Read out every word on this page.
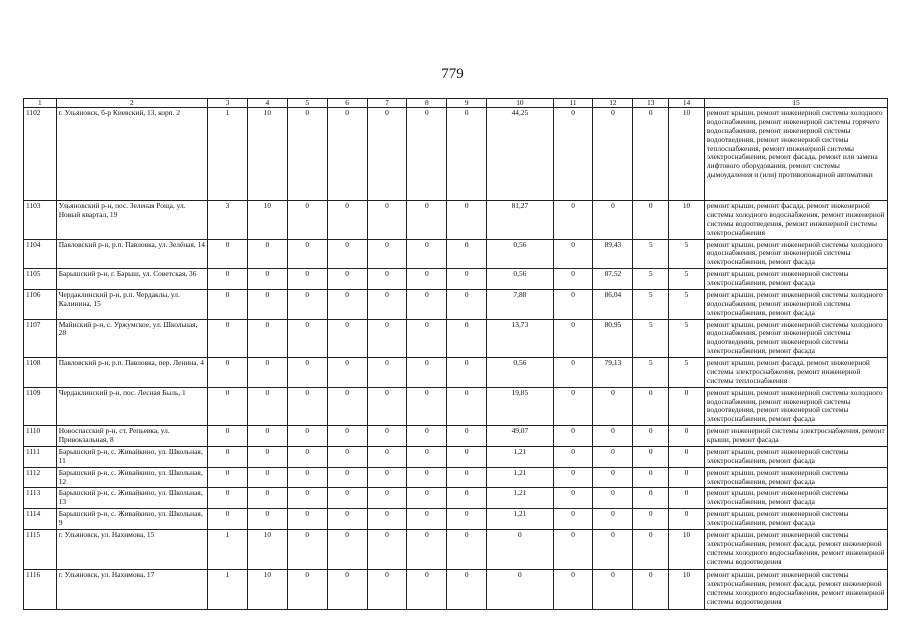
779
1	2	3	4	5	6	7	8	9	10	11	12	13	14	15
1102	г. Ульяновск, б-р Киевский, 13, корп. 2	1	10	0	0	0	0	0	44,25	0	0	0	10	ремонт крыши, ремонт инженерной системы холодного водоснабжения, ремонт инженерной системы горячего водоснабжения, ремонт инженерной системы водоотведения, ремонт инженерной системы теплоснабжения, ремонт инженерной системы электроснабжения, ремонт фасада, ремонт или замена лифтового оборудования, ремонт системы дымоудаления и (или) противопожарной автоматики
1103	Ульяновский р-н, пос. Зеленая Роща, ул. Новый квартал, 19	3	10	0	0	0	0	0	81,27	0	0	0	10	ремонт крыши, ремонт фасада, ремонт инженерной системы холодного водоснабжения, ремонт инженерной системы водоотведения, ремонт инженерной системы электроснабжения
1104	Павловский р-н, р.п. Павловка, ул. Зелёная, 14	0	0	0	0	0	0	0	0,56	0	89,43	5	5	ремонт крыши, ремонт инженерной системы холодного водоснабжения, ремонт инженерной системы электроснабжения, ремонт фасада
1105	Барышский р-н, г. Барыш, ул. Советская, 36	0	0	0	0	0	0	0	0,56	0	87,52	5	5	ремонт крыши, ремонт инженерной системы электроснабжения, ремонт фасада
1106	Чердаклинский р-н, р.п. Чердаклы, ул. Калинина, 15	0	0	0	0	0	0	0	7,88	0	86,04	5	5	ремонт крыши, ремонт инженерной системы холодного водоснабжения, ремонт инженерной системы электроснабжения, ремонт фасада
1107	Майнский р-н, с. Уржумское, ул. Школьная, 28	0	0	0	0	0	0	0	13,73	0	80,95	5	5	ремонт крыши, ремонт инженерной системы холодного водоснабжения, ремонт инженерной системы водоотведения, ремонт инженерной системы электроснабжения, ремонт фасада
1108	Павловский р-н, р.п. Павловка, пер. Ленина, 4	0	0	0	0	0	0	0	0,56	0	79,13	5	5	ремонт крыши, ремонт фасада, ремонт инженерной системы электроснабжения, ремонт инженерной системы теплоснабжения
1109	Чердаклинский р-н, пос. Лесная Быль, 1	0	0	0	0	0	0	0	19,85	0	0	0	0	ремонт крыши, ремонт инженерной системы холодного водоснабжения, ремонт инженерной системы водоотведения, ремонт инженерной системы электроснабжения, ремонт фасада
1110	Новоспасский р-н, ст. Репьевка, ул. Привокзальная, 8	0	0	0	0	0	0	0	49,07	0	0	0	0	ремонт инженерной системы электроснабжения, ремонт крыши, ремонт фасада
1111	Барышский р-н, с. Живайкино, ул. Школьная, 11	0	0	0	0	0	0	0	1,21	0	0	0	0	ремонт крыши, ремонт инженерной системы электроснабжения, ремонт фасада
1112	Барышский р-н, с. Живайкино, ул. Школьная, 12	0	0	0	0	0	0	0	1,21	0	0	0	0	ремонт крыши, ремонт инженерной системы электроснабжения, ремонт фасада
1113	Барышский р-н, с. Живайкино, ул. Школьная, 13	0	0	0	0	0	0	0	1,21	0	0	0	0	ремонт крыши, ремонт инженерной системы электроснабжения, ремонт фасада
1114	Барышский р-н, с. Живайкино, ул. Школьная, 9	0	0	0	0	0	0	0	1,21	0	0	0	0	ремонт крыши, ремонт инженерной системы электроснабжения, ремонт фасада
1115	г. Ульяновск, ул. Нахимова, 15	1	10	0	0	0	0	0	0	0	0	0	10	ремонт крыши, ремонт инженерной системы электроснабжения, ремонт фасада, ремонт инженерной системы холодного водоснабжения, ремонт инженерной системы водоотведения
1116	г. Ульяновск, ул. Нахимова, 17	1	10	0	0	0	0	0	0	0	0	0	10	ремонт крыши, ремонт инженерной системы электроснабжения, ремонт фасада, ремонт инженерной системы холодного водоснабжения, ремонт инженерной системы водоотведения
